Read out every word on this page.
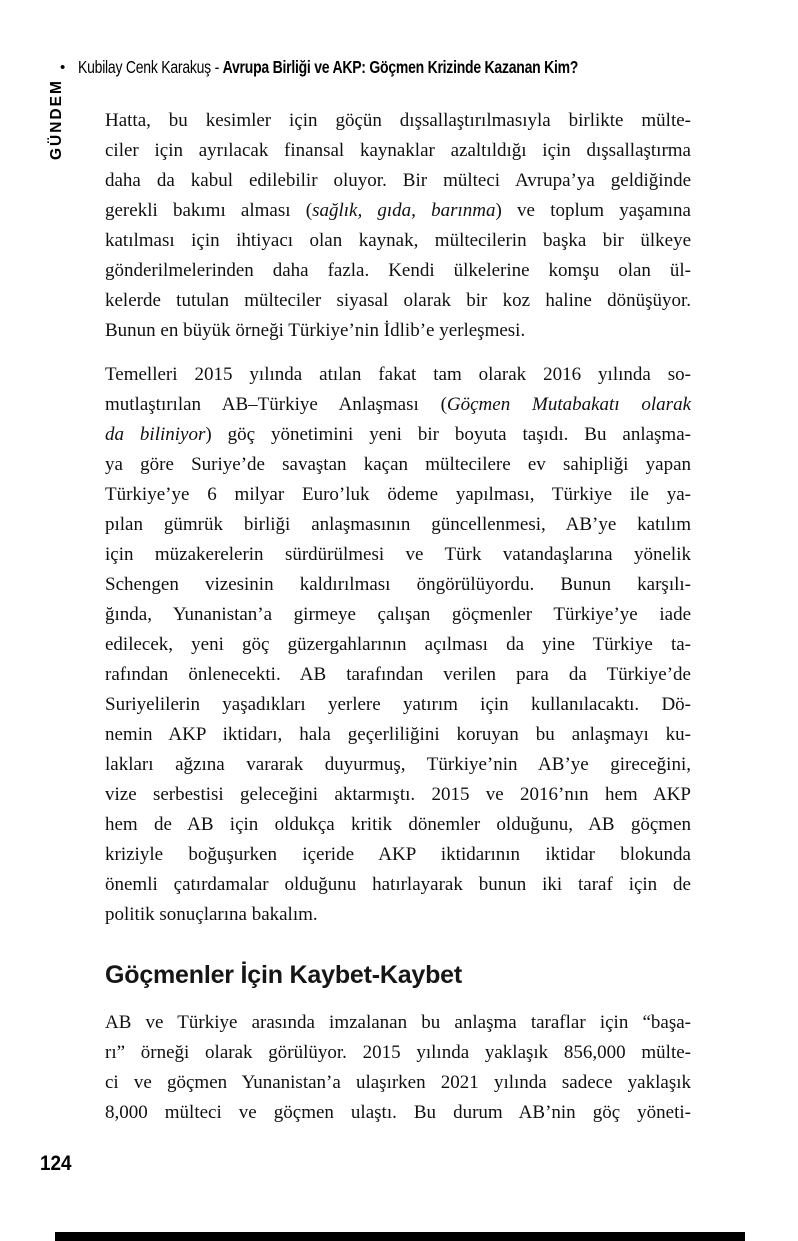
• Kubilay Cenk Karakuş - Avrupa Birliği ve AKP: Göçmen Krizinde Kazanan Kim?
GÜNDEM Hatta, bu kesimler için göçün dışsallaştırılmasıyla birlikte mülte-
ciler için ayrılacak finansal kaynaklar azaltıldığı için dışsallaştırma
daha da kabul edilebilir oluyor. Bir mülteci Avrupa’ya geldiğinde
gerekli bakımı alması (sağlık, gıda, barınma) ve toplum yaşamına
katılması için ihtiyacı olan kaynak, mültecilerin başka bir ülkeye
gönderilmelerinden daha fazla. Kendi ülkelerine komşu olan ül-
kelerde tutulan mülteciler siyasal olarak bir koz haline dönüşüyor.
Bunun en büyük örneği Türkiye’nin İdlib’e yerleşmesi.
Temelleri 2015 yılında atılan fakat tam olarak 2016 yılında so-
mutlaştırılan AB–Türkiye Anlaşması (Göçmen Mutabakatı olarak
da biliniyor) göç yönetimini yeni bir boyuta taşıdı. Bu anlaşma-
ya göre Suriye’de savaştan kaçan mültecilere ev sahipliği yapan
Türkiye’ye 6 milyar Euro’luk ödeme yapılması, Türkiye ile ya-
pılan gümrük birliği anlaşmasının güncellenmesi, AB’ye katılım
için müzakerelerin sürdürülmesi ve Türk vatandaşlarına yönelik
Schengen vizesinin kaldırılması öngörülüyordu. Bunun karşılı-
ğında, Yunanistan’a girmeye çalışan göçmenler Türkiye’ye iade
edilecek, yeni göç güzergahlarının açılması da yine Türkiye ta-
rafından önlenecekti. AB tarafından verilen para da Türkiye’de
Suriyelilerin yaşadıkları yerlere yatırım için kullanılacaktı. Dö-
nemin AKP iktidarı, hala geçerliliğini koruyan bu anlaşmayı ku-
lakları ağzına vararak duyurmuş, Türkiye’nin AB’ye gireceğini,
vize serbestisi geleceğini aktarmıştı. 2015 ve 2016’nın hem AKP
hem de AB için oldukça kritik dönemler olduğunu, AB göçmen
kriziyle boğuşurken içeride AKP iktidarının iktidar blokunda
önemli çatırdamalar olduğunu hatırlayarak bunun iki taraf için de
politik sonuçlarına bakalım.
Göçmenler İçin Kaybet-Kaybet
AB ve Türkiye arasında imzalanan bu anlaşma taraflar için “başa-
rı” örneği olarak görülüyor. 2015 yılında yaklaşık 856,000 mülte-
ci ve göçmen Yunanistan’a ulaşırken 2021 yılında sadece yaklaşık
8,000 mülteci ve göçmen ulaştı. Bu durum AB’nin göç yöneti-
124
